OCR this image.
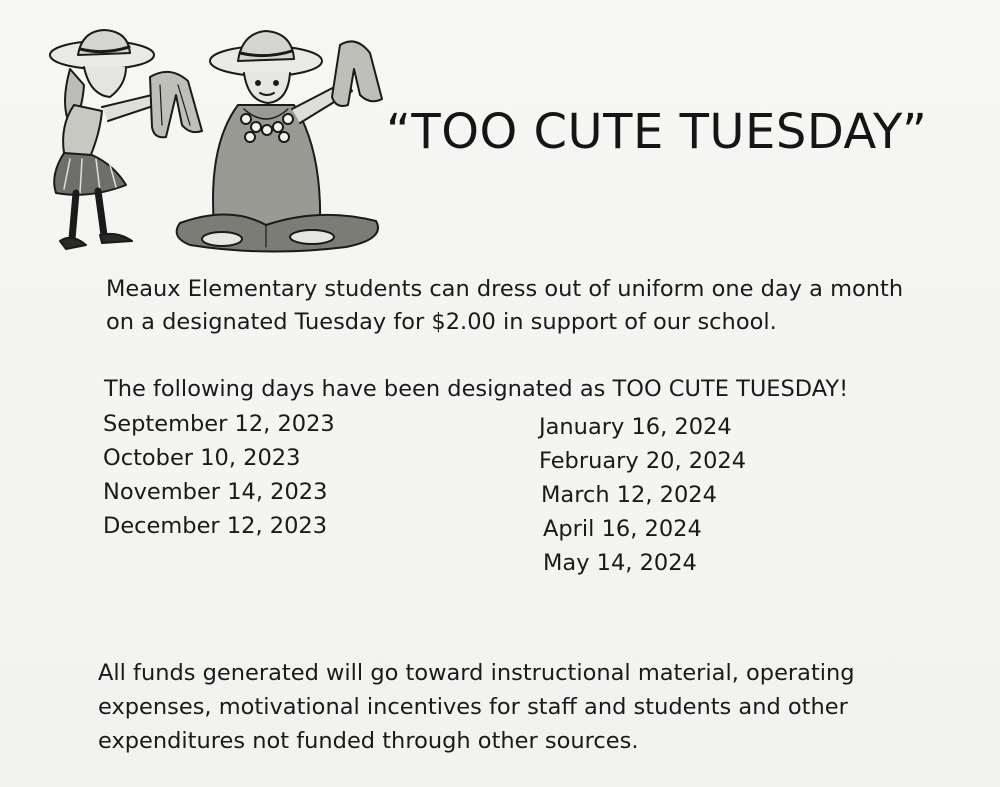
“TOO CUTE TUESDAY”

Meaux Elementary students can dress out of uniform one day a month
on a designated Tuesday for $2.00 in support of our school.

The following days have been designated as TOO CUTE TUESDAY!

September 12, 2023
October 10, 2023
November 14, 2023
December 12, 2023
January 16, 2024
February 20, 2024
March 12, 2024
April 16, 2024
May 14, 2024

All funds generated will go toward instructional material, operating
expenses, motivational incentives for staff and students and other
expenditures not funded through other sources.
